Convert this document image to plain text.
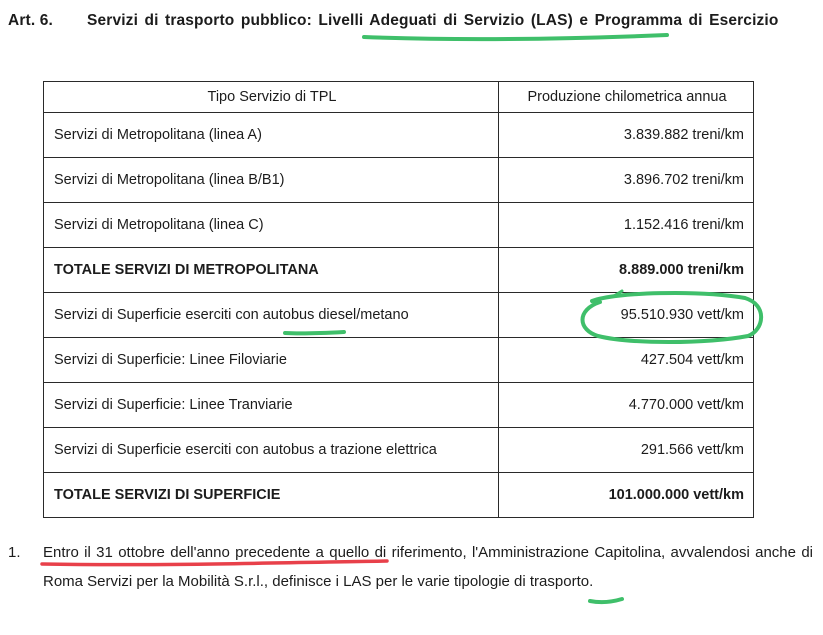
Art. 6. Servizi di trasporto pubblico: Livelli Adeguati di Servizio (LAS) e Programma di Esercizio
Tipo Servizio di TPL	Produzione chilometrica annua
Servizi di Metropolitana (linea A)	3.839.882 treni/km
Servizi di Metropolitana (linea B/B1)	3.896.702 treni/km
Servizi di Metropolitana (linea C)	1.152.416 treni/km
TOTALE SERVIZI DI METROPOLITANA	8.889.000 treni/km
Servizi di Superficie eserciti con autobus diesel/metano	95.510.930 vett/km
Servizi di Superficie: Linee Filoviarie	427.504 vett/km
Servizi di Superficie: Linee Tranviarie	4.770.000 vett/km
Servizi di Superficie eserciti con autobus a trazione elettrica	291.566 vett/km
TOTALE SERVIZI DI SUPERFICIE	101.000.000 vett/km
1. Entro il 31 ottobre dell'anno precedente a quello di riferimento, l'Amministrazione Capitolina, avvalendosi anche di Roma Servizi per la Mobilità S.r.l., definisce i LAS per le varie tipologie di trasporto.
